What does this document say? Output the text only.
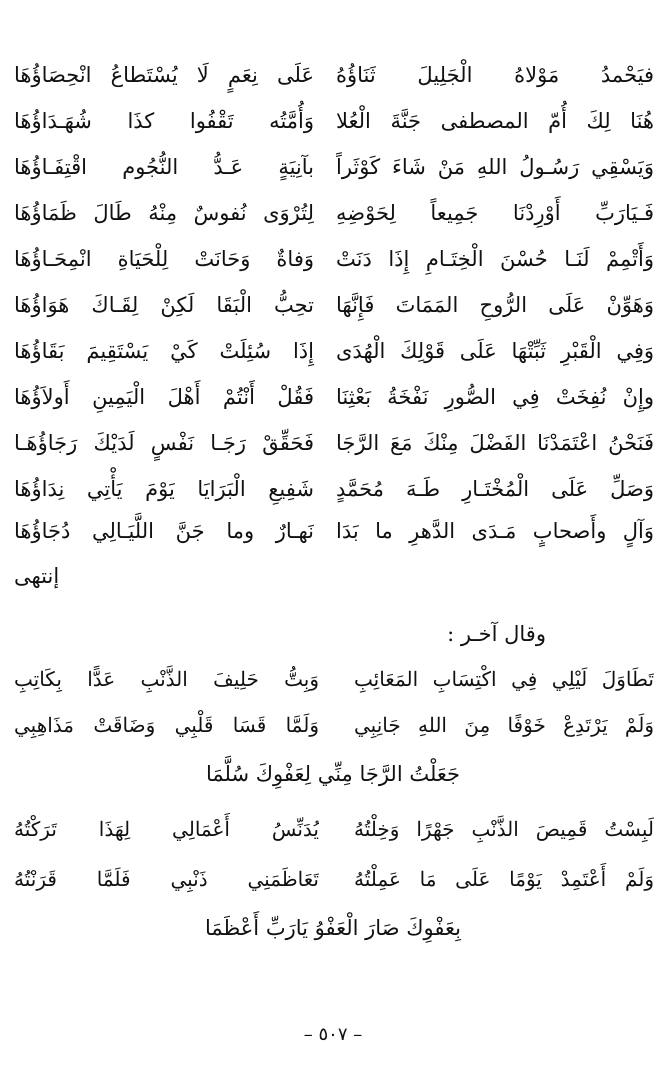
فيَحْمدُ مَوْلاهُ الْجَلِيلَ ثَنَاؤُهُ
عَلَى نِعَمٍ لَا يُسْتَطاعُ انْحِصَاؤُهَا
هُنَا لِكَ أُمّ المصطفى جَنَّةَ الْعُلا
وَأُمَّتُه تَقْفُوا كذَا شُهَـدَاؤُهَا
وَيَسْقِي رَسُـولُ اللهِ مَنْ شَاءَ كَوْثَراً
بآنِيَةٍ عَـدُّ النُّجُوم اقْتِفَـاؤُهَا
فَـيَارَبِّ أَوْرِدْنَا جَمِيعاً لِحَوْضِهِ
لِتُرْوَى نُفوسٌ مِنْهُ طَالَ ظَمَاؤُهَا
وَأَتْمِمْ لَنَـا حُسْنَ الْخِتَـامِ إِذَا دَنَتْ
وَفاةٌ وَحَانَتْ لِلْحَيَاةِ انْمِحَـاؤُهَا
وَهَوِّنْ عَلَى الرُّوحِ المَمَاتَ فَإِنَّهَا
تحِبُّ الْبَقَا لَكِنْ لِقَـاكَ هَوَاؤُهَا
وَفِي الْقَبْرِ ثَبِّتْهَا عَلَى قَوْلِكَ الْهُدَى
إِذَا سُئِلَتْ كَيْ يَسْتَقِيمَ بَقَاؤُهَا
وإِنْ نُفِخَتْ فِي الصُّورِ نَفْخَةُ بَعْثِنَا
فَقُلْ أَنْتُمْ أَهْلَ الْيَمِينِ أَولاَؤُهَا
فَنَحْنُ اعْتَمَدْنَا الفَضْلَ مِنْكَ مَعَ الرَّجَا
فَحَقِّقْ رَجَـا نَفْسٍ لَدَيْكَ رَجَاؤُهَـا
وَصَلِّ عَلَى الْمُخْتَـارِ طَـهَ مُحَمَّدٍ
شَفِيعِ الْبَرَايَا يَوْمَ يَأْتِي نِدَاؤُهَا
وَآلٍ وأَصحابٍ مَـدَى الدَّهرِ ما بَدَا
نَهـارٌ وما جَنَّ اللَّيَـالِي دُجَاؤُهَا
إنتهى
وقال آخـر :
تَطَاوَلَ لَيْلِي فِي اكْتِسَابِ المَعَائِبِ
وَبِتُّ حَلِيفَ الذَّنْبِ عَدًّا بِكَاتِبِ
وَلَمْ يَرْتَدِعْ خَوْفًا مِنَ اللهِ جَانِبِي
وَلَمَّا قَسَا قَلْبِي وَضَاقَتْ مَذَاهِبِي
جَعَلْتُ الرَّجَا مِنِّي لِعَفْوِكَ سُلَّمَا
لَبِسْتُ قَمِيصَ الذَّنْبِ جَهْرًا وَخِلْتُهُ
يُدَنِّسُ أَعْمَالِي لِهَذَا تَرَكْتُهُ
وَلَمْ أَعْتَمِدْ يَوْمًا عَلَى مَا عَمِلْتُهُ
تَعَاظَمَنِي ذَنْبِي فَلَمَّا قَرَنْتُهُ
بِعَفْوِكَ صَارَ الْعَفْوُ يَارَبِّ أَعْظَمَا
– ٥٠٧ –
